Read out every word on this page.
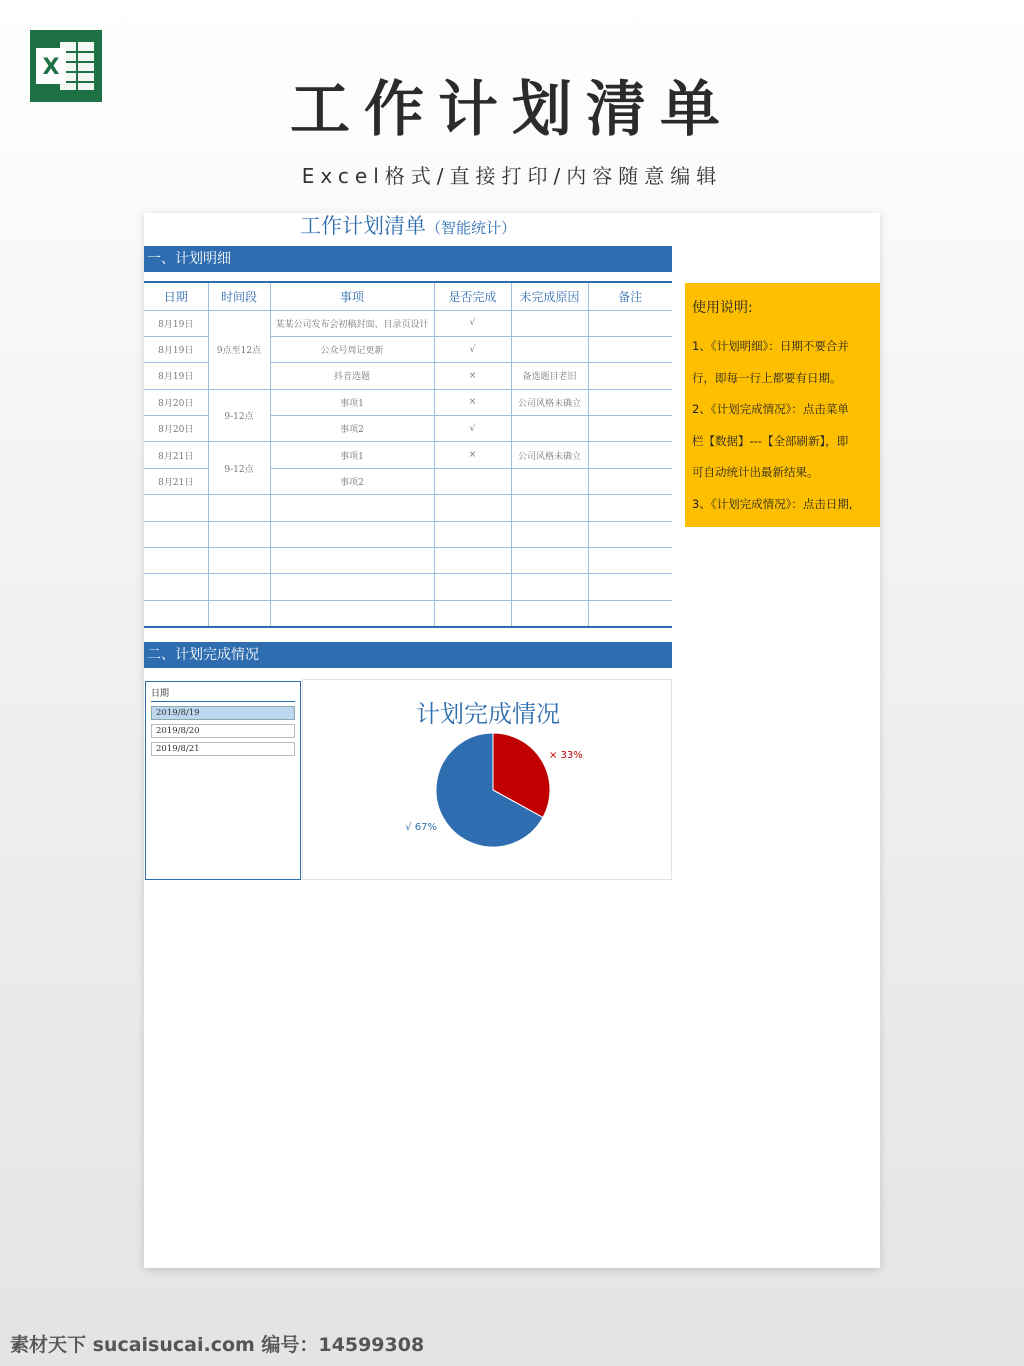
X
工作计划清单
Excel格式/直接打印/内容随意编辑
工作计划清单（智能统计）
一、计划明细
日期	时间段	事项	是否完成	未完成原因	备注
8月19日	9点至12点	某某公司发布会初稿封面、目录页设计	√		
8月19日		公众号周记更新	√		
8月19日		抖音选题	×	备选题目老旧	
8月20日	9-12点	事项1	×	公司风格未确立	
8月20日		事项2	√		
8月21日	9-12点	事项1	×	公司风格未确立	
8月21日		事项2			

使用说明:

1、《计划明细》：日期不要合并

行，即每一行上都要有日期。

2、《计划完成情况》：点击菜单

栏【数据】---【全部刷新】，即

可自动统计出最新结果。

3、《计划完成情况》：点击日期,

二、计划完成情况
日期
2019/8/19
2019/8/20
2019/8/21
计划完成情况
× 33%
√ 67%
素材天下 sucaisucai.com 编号：14599308
